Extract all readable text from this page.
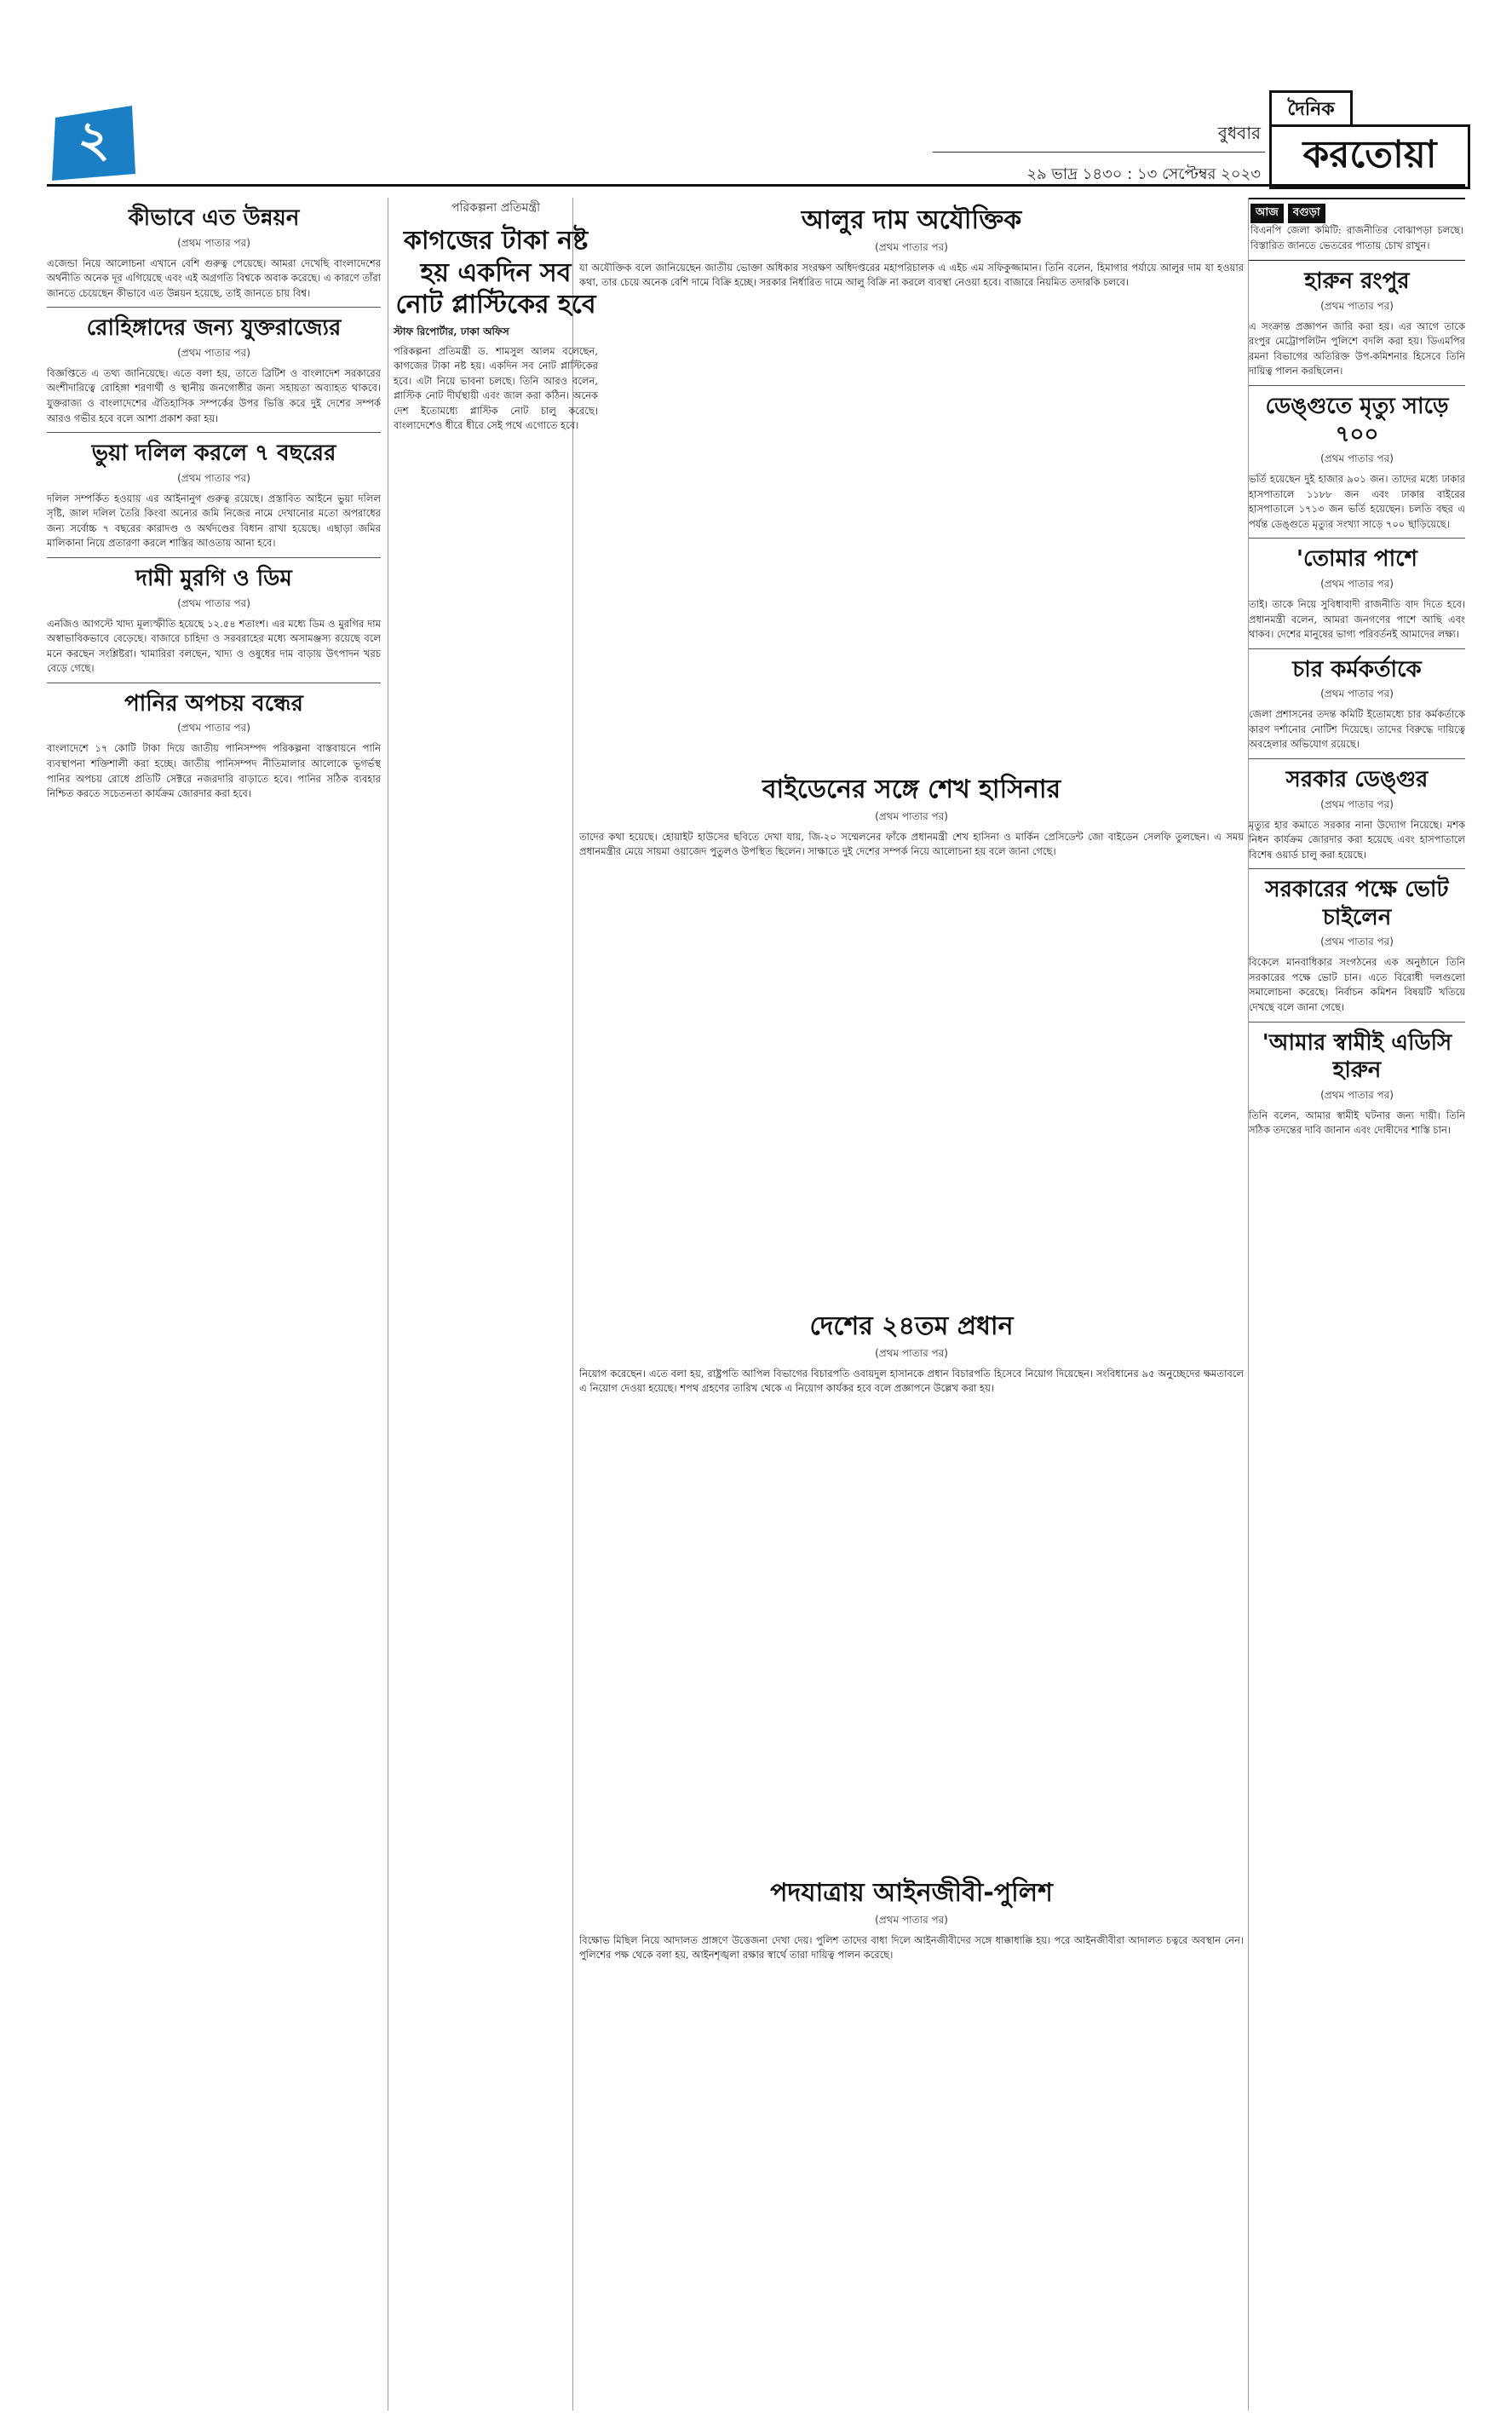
২	বুধবার
২৯ ভাদ্র ১৪৩০ : ১৩ সেপ্টেম্বর ২০২৩
দৈনিক
করতোয়া
কীভাবে এত উন্নয়ন
(প্রথম পাতার পর)

এজেন্ডা নিয়ে আলোচনা এখানে বেশি গুরুত্ব পেয়েছে। আমরা দেখেছি বাংলাদেশের অর্থনীতি অনেক দূর এগিয়েছে এবং এই অগ্রগতি বিশ্বকে অবাক করেছে। এ কারণে তাঁরা জানতে চেয়েছেন কীভাবে এত উন্নয়ন হয়েছে, তাই জানতে চায় বিশ্ব।

রোহিঙ্গাদের জন্য যুক্তরাজ্যের
(প্রথম পাতার পর)

বিজ্ঞপ্তিতে এ তথ্য জানিয়েছে। এতে বলা হয়, তাতে ব্রিটিশ ও বাংলাদেশ সরকারের অংশীদারিত্বে রোহিঙ্গা শরণার্থী ও স্থানীয় জনগোষ্ঠীর জন্য সহায়তা অব্যাহত থাকবে। যুক্তরাজ্য ও বাংলাদেশের ঐতিহাসিক সম্পর্কের উপর ভিত্তি করে দুই দেশের সম্পর্ক আরও গভীর হবে বলে আশা প্রকাশ করা হয়।

ভুয়া দলিল করলে ৭ বছরের
(প্রথম পাতার পর)

দলিল সম্পর্কিত হওয়ায় এর আইনানুগ গুরুত্ব রয়েছে। প্রস্তাবিত আইনে ভুয়া দলিল সৃষ্টি, জাল দলিল তৈরি কিংবা অন্যের জমি নিজের নামে দেখানোর মতো অপরাধের জন্য সর্বোচ্চ ৭ বছরের কারাদণ্ড ও অর্থদণ্ডের বিধান রাখা হয়েছে। এছাড়া জমির মালিকানা নিয়ে প্রতারণা করলে শাস্তির আওতায় আনা হবে।

দামী মুরগি ও ডিম
(প্রথম পাতার পর)

এনজিও আগস্টে খাদ্য মূল্যস্ফীতি হয়েছে ১২.৫৪ শতাংশ। এর মধ্যে ডিম ও মুরগির দাম অস্বাভাবিকভাবে বেড়েছে। বাজারে চাহিদা ও সরবরাহের মধ্যে অসামঞ্জস্য রয়েছে বলে মনে করছেন সংশ্লিষ্টরা। খামারিরা বলছেন, খাদ্য ও ওষুধের দাম বাড়ায় উৎপাদন খরচ বেড়ে গেছে।

পানির অপচয় বন্ধের
(প্রথম পাতার পর)

বাংলাদেশে ১৭ কোটি টাকা দিয়ে জাতীয় পানিসম্পদ পরিকল্পনা বাস্তবায়নে পানি ব্যবস্থাপনা শক্তিশালী করা হচ্ছে। জাতীয় পানিসম্পদ নীতিমালার আলোকে ভূগর্ভস্থ পানির অপচয় রোধে প্রতিটি সেক্টরে নজরদারি বাড়াতে হবে। পানির সঠিক ব্যবহার নিশ্চিত করতে সচেতনতা কার্যক্রম জোরদার করা হবে।

পরিকল্পনা প্রতিমন্ত্রী
কাগজের টাকা নষ্ট হয় একদিন সব নোট প্লাস্টিকের হবে
স্টাফ রিপোর্টার, ঢাকা অফিস

পরিকল্পনা প্রতিমন্ত্রী ড. শামসুল আলম বলেছেন, কাগজের টাকা নষ্ট হয়। একদিন সব নোট প্লাস্টিকের হবে। এটা নিয়ে ভাবনা চলছে। তিনি আরও বলেন, প্লাস্টিক নোট দীর্ঘস্থায়ী এবং জাল করা কঠিন। অনেক দেশ ইতোমধ্যে প্লাস্টিক নোট চালু করেছে। বাংলাদেশেও ধীরে ধীরে সেই পথে এগোতে হবে।

আলুর দাম অযৌক্তিক
(প্রথম পাতার পর)

যা অযৌক্তিক বলে জানিয়েছেন জাতীয় ভোক্তা অধিকার সংরক্ষণ অধিদপ্তরের মহাপরিচালক এ এইচ এম সফিকুজ্জামান। তিনি বলেন, হিমাগার পর্যায়ে আলুর দাম যা হওয়ার কথা, তার চেয়ে অনেক বেশি দামে বিক্রি হচ্ছে। সরকার নির্ধারিত দামে আলু বিক্রি না করলে ব্যবস্থা নেওয়া হবে। বাজারে নিয়মিত তদারকি চলবে।

বাইডেনের সঙ্গে শেখ হাসিনার
(প্রথম পাতার পর)

তাদের কথা হয়েছে। হোয়াইট হাউসের ছবিতে দেখা যায়, জি-২০ সম্মেলনের ফাঁকে প্রধানমন্ত্রী শেখ হাসিনা ও মার্কিন প্রেসিডেন্ট জো বাইডেন সেলফি তুলছেন। এ সময় প্রধানমন্ত্রীর মেয়ে সায়মা ওয়াজেদ পুতুলও উপস্থিত ছিলেন। সাক্ষাতে দুই দেশের সম্পর্ক নিয়ে আলোচনা হয় বলে জানা গেছে।

দেশের ২৪তম প্রধান
(প্রথম পাতার পর)

নিয়োগ করেছেন। এতে বলা হয়, রাষ্ট্রপতি আপিল বিভাগের বিচারপতি ওবায়দুল হাসানকে প্রধান বিচারপতি হিসেবে নিয়োগ দিয়েছেন। সংবিধানের ৯৫ অনুচ্ছেদের ক্ষমতাবলে এ নিয়োগ দেওয়া হয়েছে। শপথ গ্রহণের তারিখ থেকে এ নিয়োগ কার্যকর হবে বলে প্রজ্ঞাপনে উল্লেখ করা হয়।

পদযাত্রায় আইনজীবী-পুলিশ
(প্রথম পাতার পর)

বিক্ষোভ মিছিল নিয়ে আদালত প্রাঙ্গণে উত্তেজনা দেখা দেয়। পুলিশ তাদের বাধা দিলে আইনজীবীদের সঙ্গে ধাক্কাধাক্কি হয়। পরে আইনজীবীরা আদালত চত্বরে অবস্থান নেন। পুলিশের পক্ষ থেকে বলা হয়, আইনশৃঙ্খলা রক্ষার স্বার্থে তারা দায়িত্ব পালন করেছে।

আজ বগুড়া

বিএনপি জেলা কমিটি: রাজনীতির বোঝাপড়া চলছে। বিস্তারিত জানতে ভেতরের পাতায় চোখ রাখুন।

হারুন রংপুর
(প্রথম পাতার পর)

এ সংক্রান্ত প্রজ্ঞাপন জারি করা হয়। এর আগে তাকে রংপুর মেট্রোপলিটন পুলিশে বদলি করা হয়। ডিএমপির রমনা বিভাগের অতিরিক্ত উপ-কমিশনার হিসেবে তিনি দায়িত্ব পালন করছিলেন।

ডেঙ্গুতে মৃত্যু সাড়ে ৭০০
(প্রথম পাতার পর)

ভর্তি হয়েছেন দুই হাজার ৯০১ জন। তাদের মধ্যে ঢাকার হাসপাতালে ১১৮৮ জন এবং ঢাকার বাইরের হাসপাতালে ১৭১৩ জন ভর্তি হয়েছেন। চলতি বছর এ পর্যন্ত ডেঙ্গুতে মৃত্যুর সংখ্যা সাড়ে ৭০০ ছাড়িয়েছে।

'তোমার পাশে
(প্রথম পাতার পর)

তাই। তাকে নিয়ে সুবিধাবাদী রাজনীতি বাদ দিতে হবে। প্রধানমন্ত্রী বলেন, আমরা জনগণের পাশে আছি এবং থাকব। দেশের মানুষের ভাগ্য পরিবর্তনই আমাদের লক্ষ্য।

চার কর্মকর্তাকে
(প্রথম পাতার পর)

জেলা প্রশাসনের তদন্ত কমিটি ইতোমধ্যে চার কর্মকর্তাকে কারণ দর্শানোর নোটিশ দিয়েছে। তাদের বিরুদ্ধে দায়িত্বে অবহেলার অভিযোগ রয়েছে।

সরকার ডেঙ্গুর
(প্রথম পাতার পর)

মৃত্যুর হার কমাতে সরকার নানা উদ্যোগ নিয়েছে। মশক নিধন কার্যক্রম জোরদার করা হয়েছে এবং হাসপাতালে বিশেষ ওয়ার্ড চালু করা হয়েছে।

সরকারের পক্ষে ভোট চাইলেন
(প্রথম পাতার পর)

বিকেলে মানবাধিকার সংগঠনের এক অনুষ্ঠানে তিনি সরকারের পক্ষে ভোট চান। এতে বিরোধী দলগুলো সমালোচনা করেছে। নির্বাচন কমিশন বিষয়টি খতিয়ে দেখছে বলে জানা গেছে।

'আমার স্বামীই এডিসি হারুন
(প্রথম পাতার পর)

তিনি বলেন, আমার স্বামীই ঘটনার জন্য দায়ী। তিনি সঠিক তদন্তের দাবি জানান এবং দোষীদের শাস্তি চান।
